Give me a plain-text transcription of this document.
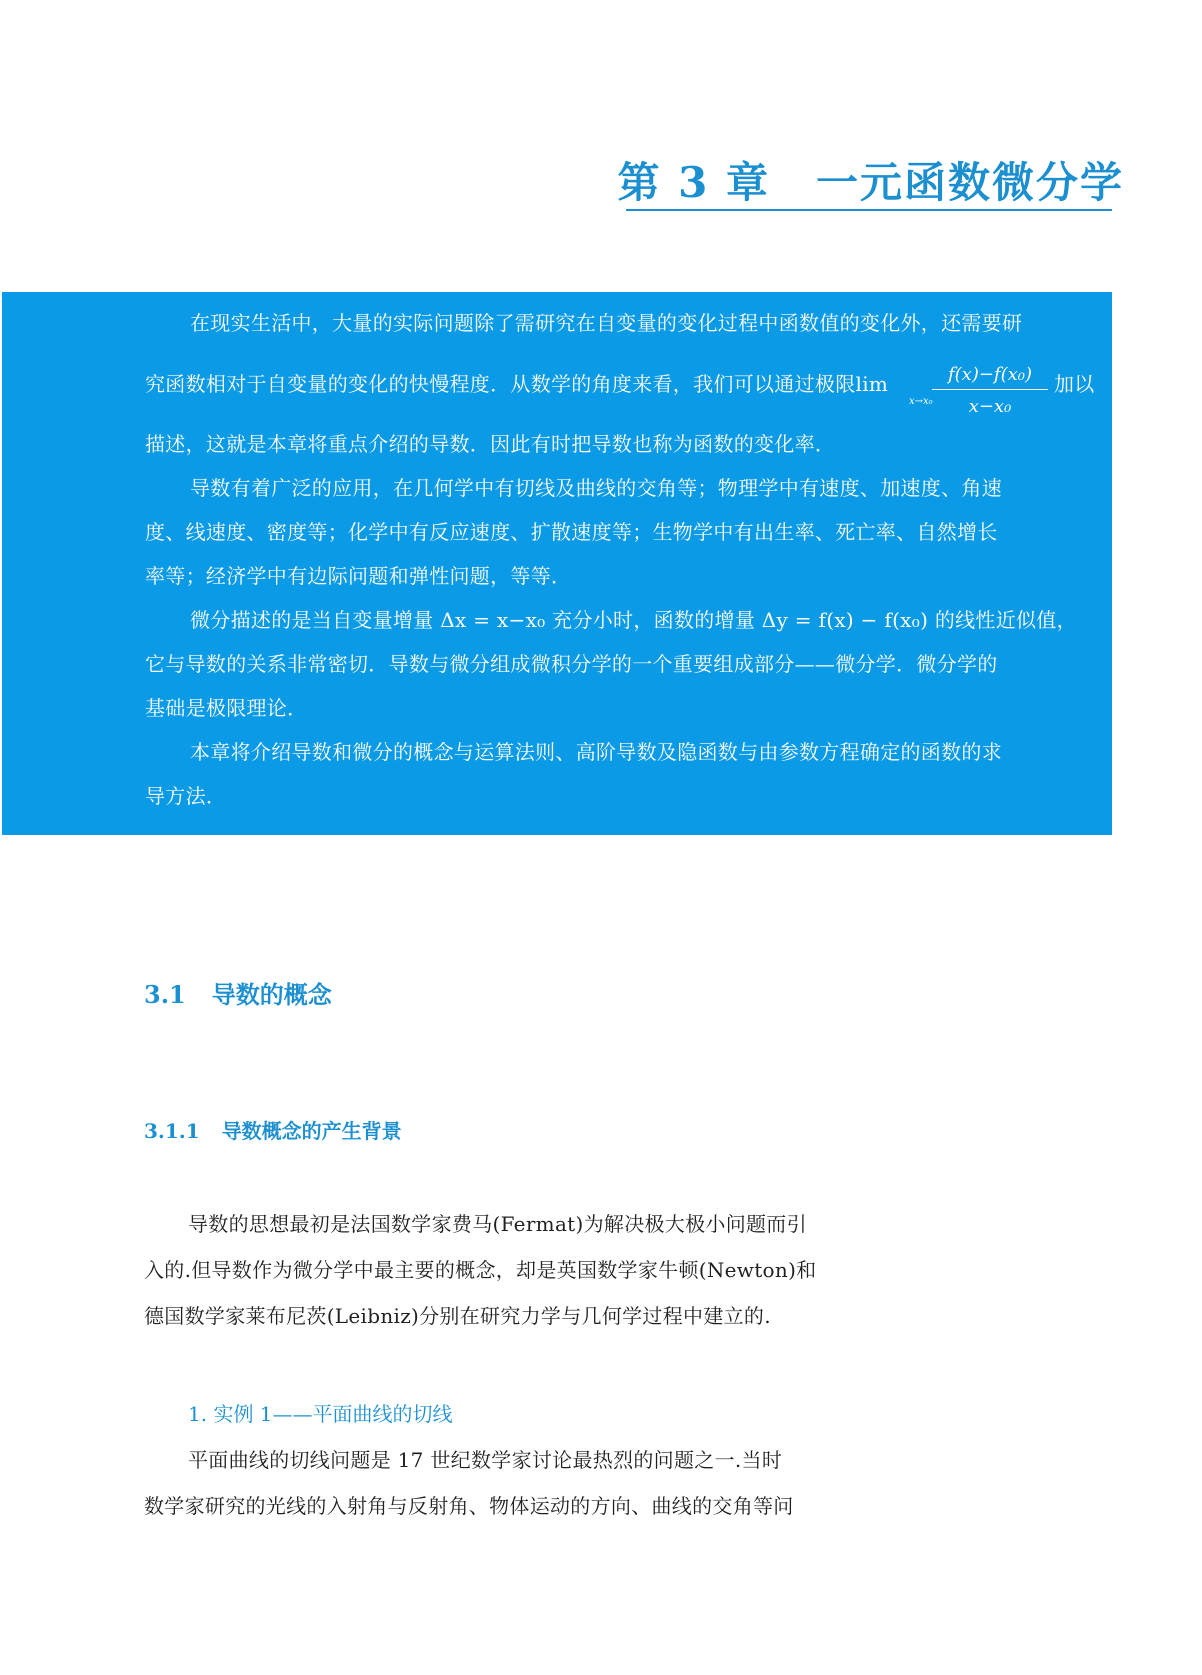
第 3 章 一元函数微分学
在现实生活中，大量的实际问题除了需研究在自变量的变化过程中函数值的变化外，还需要研
究函数相对于自变量的变化的快慢程度．从数学的角度来看，我们可以通过极限lim
$x\to x_0 \frac{\text{f(x)−f(x₀)}}{\text{x−x₀}}$ 加以
描述，这就是本章将重点介绍的导数．因此有时把导数也称为函数的变化率．
导数有着广泛的应用，在几何学中有切线及曲线的交角等；物理学中有速度、加速度、角速
度、线速度、密度等；化学中有反应速度、扩散速度等；生物学中有出生率、死亡率、自然增长
率等；经济学中有边际问题和弹性问题，等等．
微分描述的是当自变量增量 Δx = x−x₀ 充分小时，函数的增量 Δy = f(x) − f(x₀) 的线性近似值，
它与导数的关系非常密切．导数与微分组成微积分学的一个重要组成部分——微分学．微分学的
基础是极限理论．
本章将介绍导数和微分的概念与运算法则、高阶导数及隐函数与由参数方程确定的函数的求
导方法．
3.1 导数的概念
3.1.1 导数概念的产生背景
导数的思想最初是法国数学家费马(Fermat)为解决极大极小问题而引
入的.但导数作为微分学中最主要的概念，却是英国数学家牛顿(Newton)和
德国数学家莱布尼茨(Leibniz)分别在研究力学与几何学过程中建立的.
1. 实例 1——平面曲线的切线
平面曲线的切线问题是 17 世纪数学家讨论最热烈的问题之一.当时
数学家研究的光线的入射角与反射角、物体运动的方向、曲线的交角等问
